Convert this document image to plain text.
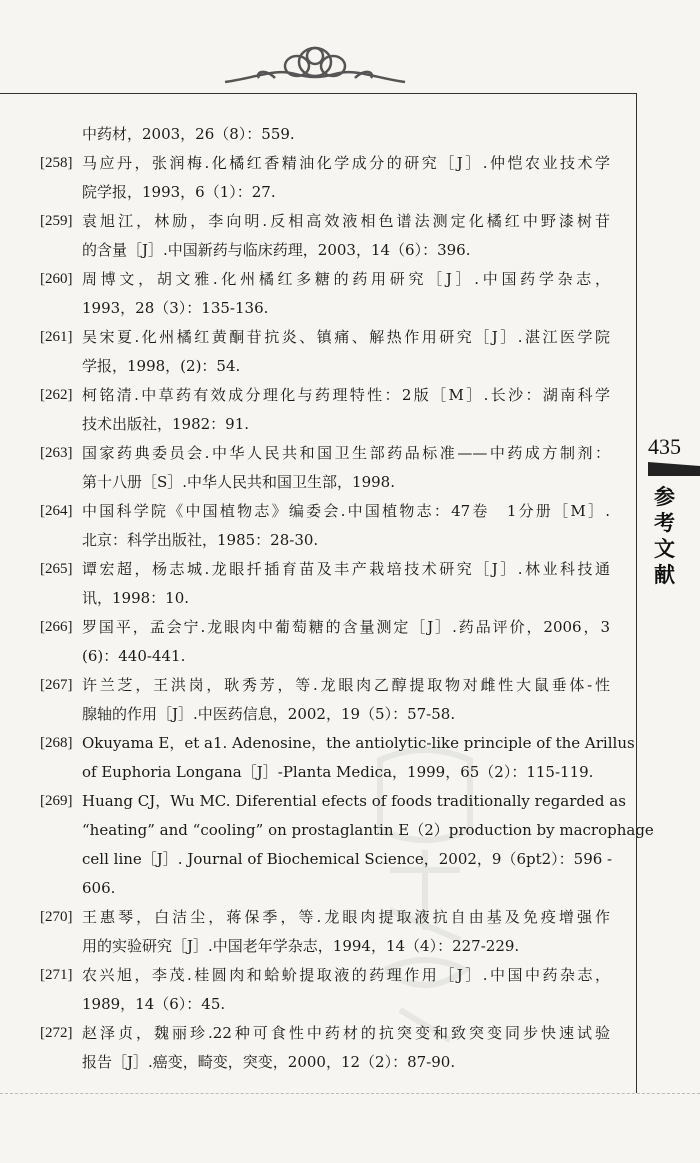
435
参考文献
中药材，2003，26（8）：559.
[258] 马应丹，张润梅.化橘红香精油化学成分的研究［J］.仲恺农业技术学
院学报，1993，6（1）：27.
[259] 袁旭江，林励，李向明.反相高效液相色谱法测定化橘红中野漆树苷
的含量［J］.中国新药与临床药理，2003，14（6）：396.
[260] 周博文，胡文雅.化州橘红多糖的药用研究［J］.中国药学杂志，
1993，28（3）：135-136.
[261] 吴宋夏.化州橘红黄酮苷抗炎、镇痛、解热作用研究［J］.湛江医学院
学报，1998，(2)：54.
[262] 柯铭清.中草药有效成分理化与药理特性：2版［M］.长沙：湖南科学
技术出版社，1982：91.
[263] 国家药典委员会.中华人民共和国卫生部药品标准——中药成方制剂：
第十八册［S］.中华人民共和国卫生部，1998.
[264] 中国科学院《中国植物志》编委会.中国植物志：47卷　1分册［M］.
北京：科学出版社，1985：28-30.
[265] 谭宏超，杨志城.龙眼扦插育苗及丰产栽培技术研究［J］.林业科技通
讯，1998：10.
[266] 罗国平，孟会宁.龙眼肉中葡萄糖的含量测定［J］.药品评价，2006，3
(6)：440-441.
[267] 许兰芝，王洪岗，耿秀芳，等.龙眼肉乙醇提取物对雌性大鼠垂体-性
腺轴的作用［J］.中医药信息，2002，19（5）：57-58.
[268] Okuyama E，et a1. Adenosine，the antiolytic-like principle of the Arillus
of Euphoria Longana［J］-Planta Medica，1999，65（2）：115-119.
[269] Huang CJ，Wu MC. Diferential efects of foods traditionally regarded as
“heating” and “cooling” on prostaglantin E（2）production by macrophage
cell line［J］. Journal of Biochemical Science，2002，9（6pt2）：596 -
606.
[270] 王惠琴，白洁尘，蒋保季，等.龙眼肉提取液抗自由基及免疫增强作
用的实验研究［J］.中国老年学杂志，1994，14（4）：227-229.
[271] 农兴旭，李茂.桂圆肉和蛤蚧提取液的药理作用［J］.中国中药杂志，
1989，14（6）：45.
[272] 赵泽贞，魏丽珍.22种可食性中药材的抗突变和致突变同步快速试验
报告［J］.癌变，畸变，突变，2000，12（2）：87-90.
